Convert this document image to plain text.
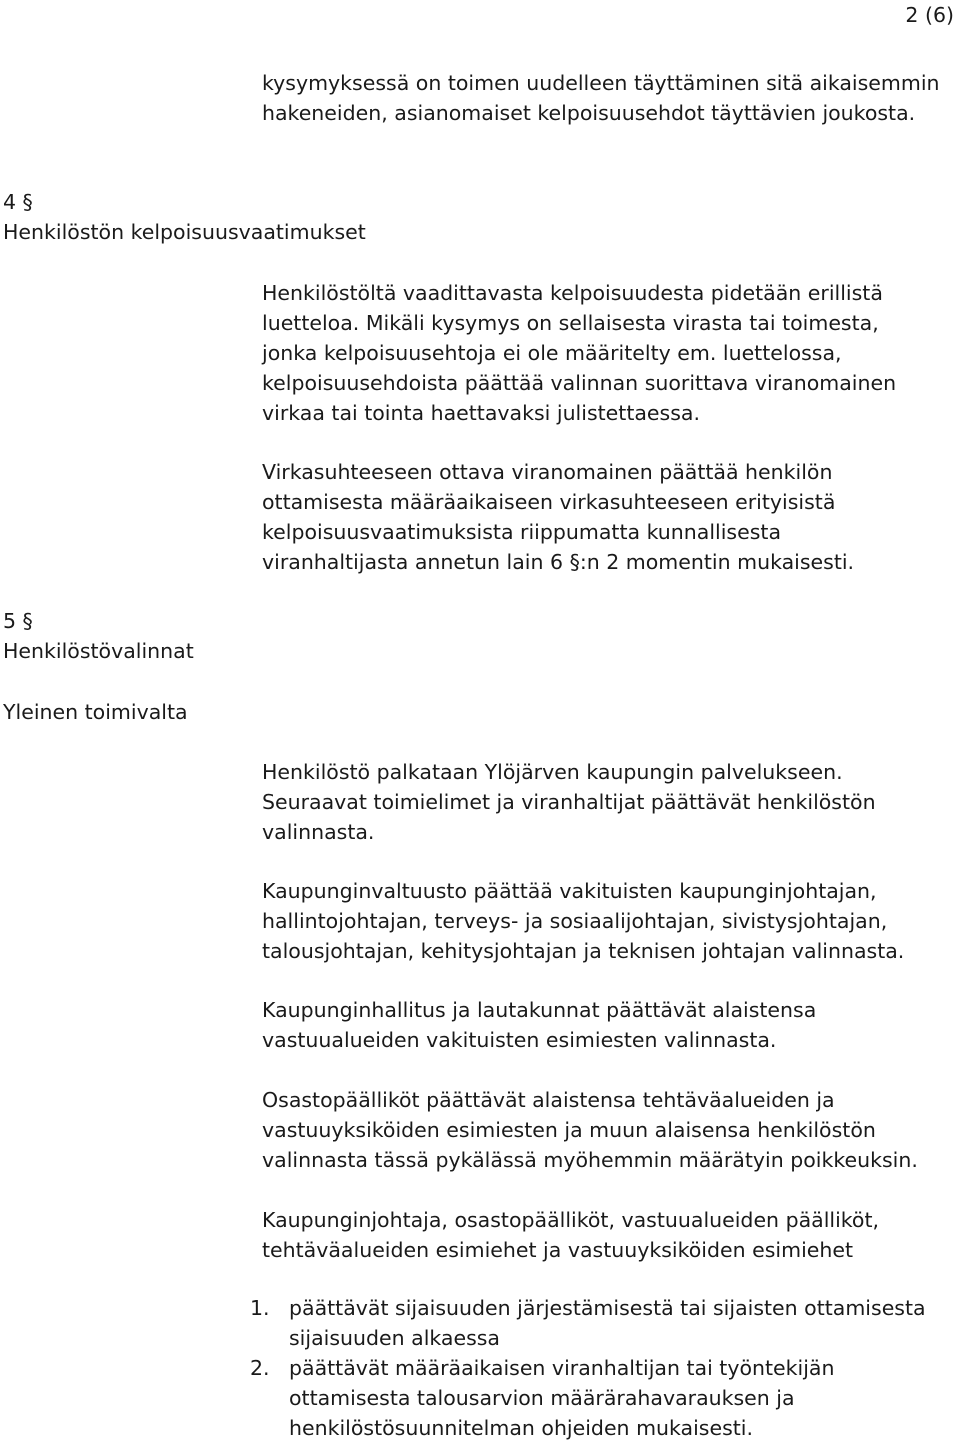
2 (6)
kysymyksessä on toimen uudelleen täyttäminen sitä aikaisemmin
hakeneiden, asianomaiset kelpoisuusehdot täyttävien joukosta.
4 §
Henkilöstön kelpoisuusvaatimukset
Henkilöstöltä vaadittavasta kelpoisuudesta pidetään erillistä
luetteloa. Mikäli kysymys on sellaisesta virasta tai toimesta,
jonka kelpoisuusehtoja ei ole määritelty em. luettelossa,
kelpoisuusehdoista päättää valinnan suorittava viranomainen
virkaa tai tointa haettavaksi julistettaessa.
Virkasuhteeseen ottava viranomainen päättää henkilön
ottamisesta määräaikaiseen virkasuhteeseen erityisistä
kelpoisuusvaatimuksista riippumatta kunnallisesta
viranhaltijasta annetun lain 6 §:n 2 momentin mukaisesti.
5 §
Henkilöstövalinnat
Yleinen toimivalta
Henkilöstö palkataan Ylöjärven kaupungin palvelukseen.
Seuraavat toimielimet ja viranhaltijat päättävät henkilöstön
valinnasta.
Kaupunginvaltuusto päättää vakituisten kaupunginjohtajan,
hallintojohtajan, terveys- ja sosiaalijohtajan, sivistysjohtajan,
talousjohtajan, kehitysjohtajan ja teknisen johtajan valinnasta.
Kaupunginhallitus ja lautakunnat päättävät alaistensa
vastuualueiden vakituisten esimiesten valinnasta.
Osastopäälliköt päättävät alaistensa tehtäväalueiden ja
vastuuyksiköiden esimiesten ja muun alaisensa henkilöstön
valinnasta tässä pykälässä myöhemmin määrätyin poikkeuksin.
Kaupunginjohtaja, osastopäälliköt, vastuualueiden päälliköt,
tehtäväalueiden esimiehet ja vastuuyksiköiden esimiehet
1. päättävät sijaisuuden järjestämisestä tai sijaisten ottamisesta
sijaisuuden alkaessa
2. päättävät määräaikaisen viranhaltijan tai työntekijän
ottamisesta talousarvion määrärahavarauksen ja
henkilöstösuunnitelman ohjeiden mukaisesti.
